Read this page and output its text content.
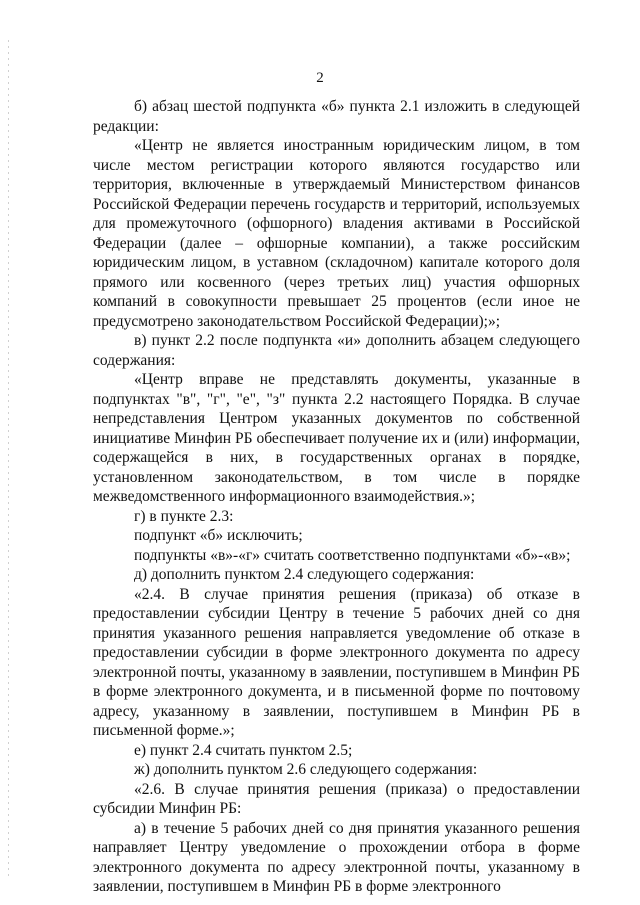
2

б) абзац шестой подпункта «б» пункта 2.1 изложить в следующей редакции:

«Центр не является иностранным юридическим лицом, в том числе местом регистрации которого являются государство или территория, включенные в утверждаемый Министерством финансов Российской Федерации перечень государств и территорий, используемых для промежуточного (офшорного) владения активами в Российской Федерации (далее – офшорные компании), а также российским юридическим лицом, в уставном (складочном) капитале которого доля прямого или косвенного (через третьих лиц) участия офшорных компаний в совокупности превышает 25 процентов (если иное не предусмотрено законодательством Российской Федерации);»;

в) пункт 2.2 после подпункта «и» дополнить абзацем следующего содержания:

«Центр вправе не представлять документы, указанные в подпунктах "в", "г", "е", "з" пункта 2.2 настоящего Порядка. В случае непредставления Центром указанных документов по собственной инициативе Минфин РБ обеспечивает получение их и (или) информации, содержащейся в них, в государственных органах в порядке, установленном законодательством, в том числе в порядке межведомственного информационного взаимодействия.»;

г) в пункте 2.3:

подпункт «б» исключить;

подпункты «в»-«г» считать соответственно подпунктами «б»-«в»;

д) дополнить пунктом 2.4 следующего содержания:

«2.4. В случае принятия решения (приказа) об отказе в предоставлении субсидии Центру в течение 5 рабочих дней со дня принятия указанного решения направляется уведомление об отказе в предоставлении субсидии в форме электронного документа по адресу электронной почты, указанному в заявлении, поступившем в Минфин РБ в форме электронного документа, и в письменной форме по почтовому адресу, указанному в заявлении, поступившем в Минфин РБ в письменной форме.»;

е) пункт 2.4 считать пунктом 2.5;

ж) дополнить пунктом 2.6 следующего содержания:

«2.6. В случае принятия решения (приказа) о предоставлении субсидии Минфин РБ:

а) в течение 5 рабочих дней со дня принятия указанного решения направляет Центру уведомление о прохождении отбора в форме электронного документа по адресу электронной почты, указанному в заявлении, поступившем в Минфин РБ в форме электронного
